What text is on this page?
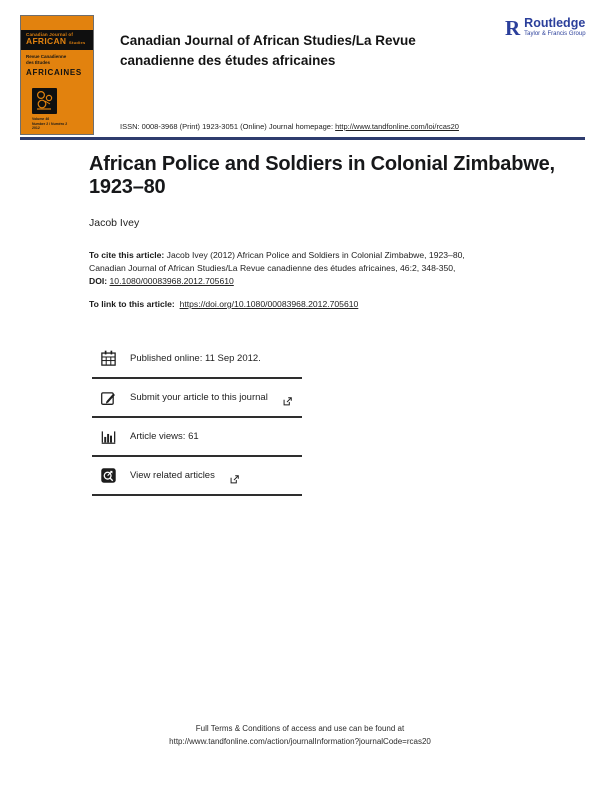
Canadian Journal of
AFRICAN Studies
Revue Canadienne
des Études
AFRICAINES
Volume 46
Number 2 / Numéro 2
2012
Canadian Journal of African Studies/La Revue
canadienne des études africaines
R Routledge
Taylor & Francis Group
ISSN: 0008-3968 (Print) 1923-3051 (Online) Journal homepage: http://www.tandfonline.com/loi/rcas20
African Police and Soldiers in Colonial Zimbabwe,
1923–80
Jacob Ivey
To cite this article: Jacob Ivey (2012) African Police and Soldiers in Colonial Zimbabwe, 1923–80,
Canadian Journal of African Studies/La Revue canadienne des études africaines, 46:2, 348-350,
DOI: 10.1080/00083968.2012.705610
To link to this article: https://doi.org/10.1080/00083968.2012.705610
Published online: 11 Sep 2012.
Submit your article to this journal
Article views: 61
View related articles
Full Terms & Conditions of access and use can be found at
http://www.tandfonline.com/action/journalInformation?journalCode=rcas20
